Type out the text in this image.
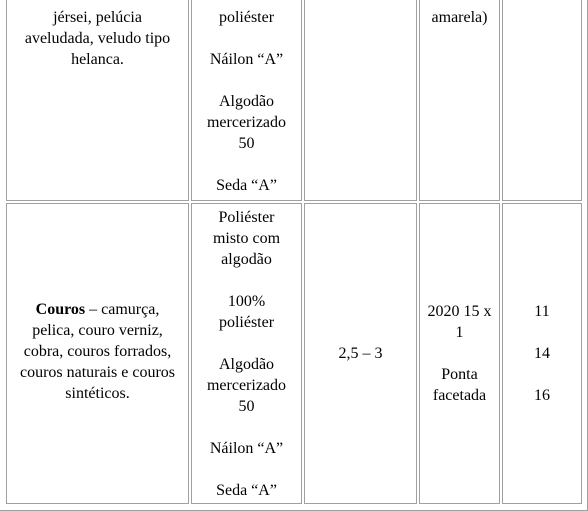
jérsei, pelúcia
aveludada, veludo tipo
helanca.
poliéster
Náilon “A”
Algodão
mercerizado
50
Seda “A”
amarela)
Couros – camurça,
pelica, couro verniz,
cobra, couros forrados,
couros naturais e couros
sintéticos.
Poliéster
misto com
algodão
100%
poliéster
Algodão
mercerizado
50
Náilon “A”
Seda “A”
2,5 – 3
2020 15 x
1
Ponta
facetada
11
14
16
